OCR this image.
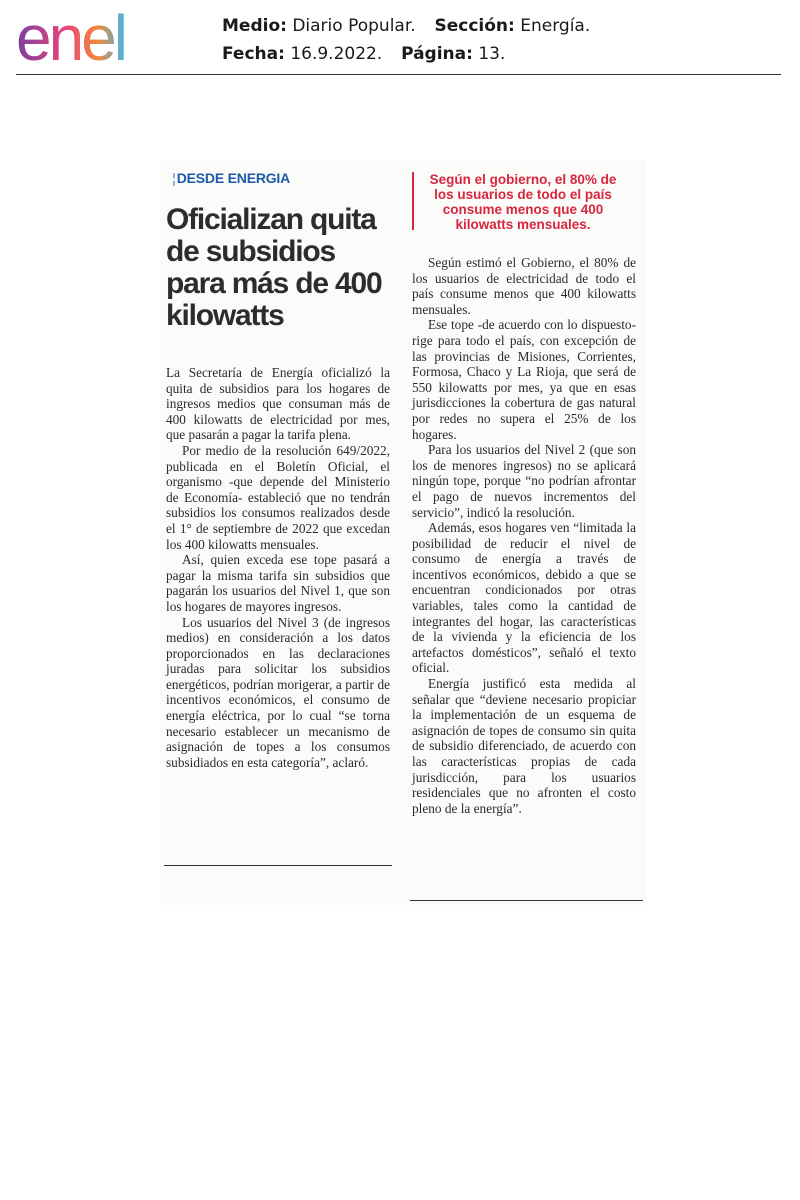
enel	Medio: Diario Popular. Sección: Energía.
Fecha: 16.9.2022. Página: 13.
¦DESDE ENERGIA
Oficializan quita de subsidios para más de 400 kilowatts

La Secretaría de Energía oficializó la quita de subsidios para los hogares de ingresos medios que consuman más de 400 kilowatts de electricidad por mes, que pasarán a pagar la tarifa plena.

Por medio de la resolución 649/2022, publicada en el Boletín Oficial, el organismo -que depende del Ministerio de Economía- estableció que no tendrán subsidios los consumos realizados desde el 1° de septiembre de 2022 que excedan los 400 kilowatts mensuales.

Así, quien exceda ese tope pasará a pagar la misma tarifa sin subsidios que pagarán los usuarios del Nivel 1, que son los hogares de mayores ingresos.

Los usuarios del Nivel 3 (de ingresos medios) en consideración a los datos proporcionados en las declaraciones juradas para solicitar los subsidios energéticos, podrían morigerar, a partir de incentivos económicos, el consumo de energía eléctrica, por lo cual “se torna necesario establecer un mecanismo de asignación de topes a los consumos subsidiados en esta categoría”, aclaró.

Según el gobierno, el 80% de los usuarios de todo el país consume menos que 400 kilowatts mensuales.

Según estimó el Gobierno, el 80% de los usuarios de electricidad de todo el país consume menos que 400 kilowatts mensuales.

Ese tope -de acuerdo con lo dispuesto- rige para todo el país, con excepción de las provincias de Misiones, Corrientes, Formosa, Chaco y La Rioja, que será de 550 kilowatts por mes, ya que en esas jurisdicciones la cobertura de gas natural por redes no supera el 25% de los hogares.

Para los usuarios del Nivel 2 (que son los de menores ingresos) no se aplicará ningún tope, porque “no podrían afrontar el pago de nuevos incrementos del servicio”, indicó la resolución.

Además, esos hogares ven “limitada la posibilidad de reducir el nivel de consumo de energía a través de incentivos económicos, debido a que se encuentran condicionados por otras variables, tales como la cantidad de integrantes del hogar, las características de la vivienda y la eficiencia de los artefactos domésticos”, señaló el texto oficial.

Energía justificó esta medida al señalar que “deviene necesario propiciar la implementación de un esquema de asignación de topes de consumo sin quita de subsidio diferenciado, de acuerdo con las características propias de cada jurisdicción, para los usuarios residenciales que no afronten el costo pleno de la energía”.
